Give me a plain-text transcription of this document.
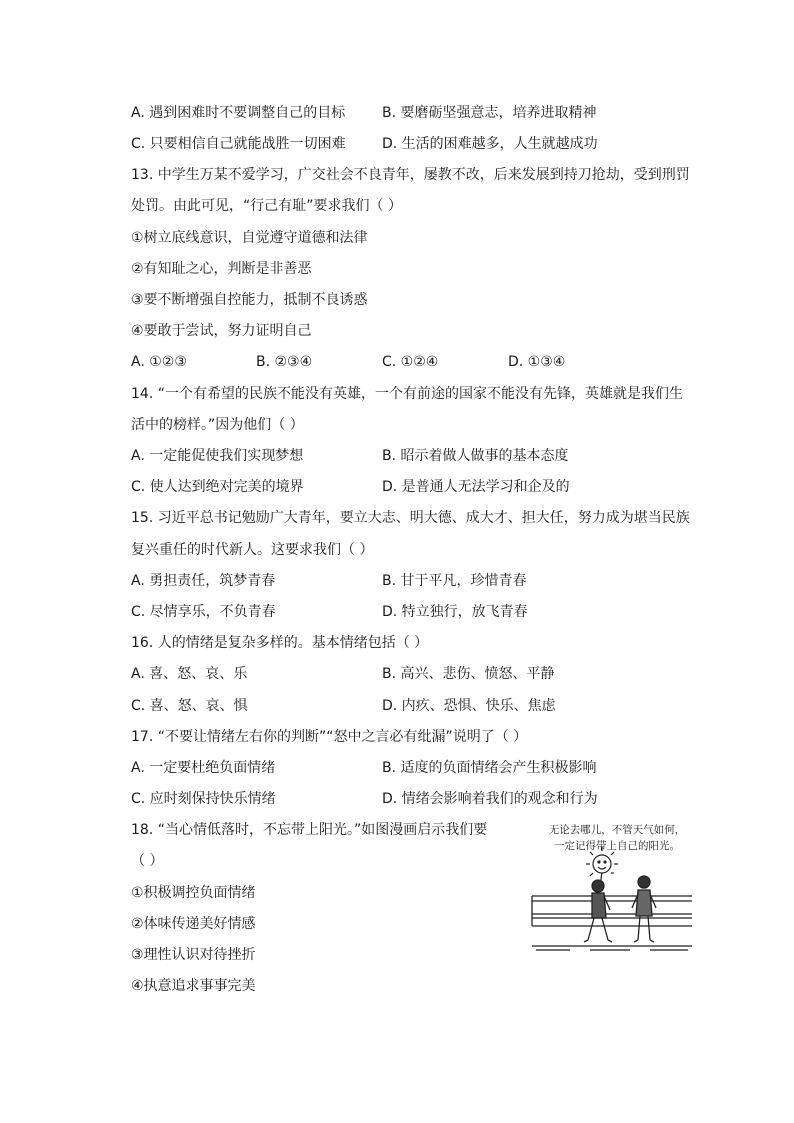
A. 遇到困难时不要调整自己的目标	B. 要磨砺坚强意志，培养进取精神
C. 只要相信自己就能战胜一切困难	D. 生活的困难越多，人生就越成功
13. 中学生万某不爱学习，广交社会不良青年，屡教不改，后来发展到持刀抢劫，受到刑罚
处罚。由此可见，“行己有耻”要求我们（ ）
①树立底线意识，自觉遵守道德和法律
②有知耻之心，判断是非善恶
③要不断增强自控能力，抵制不良诱惑
④要敢于尝试，努力证明自己
A. ①②③	B. ②③④	C. ①②④	D. ①③④
14. “一个有希望的民族不能没有英雄，一个有前途的国家不能没有先锋，英雄就是我们生
活中的榜样。”因为他们（ ）
A. 一定能促使我们实现梦想	B. 昭示着做人做事的基本态度
C. 使人达到绝对完美的境界	D. 是普通人无法学习和企及的
15. 习近平总书记勉励广大青年，要立大志、明大德、成大才、担大任，努力成为堪当民族
复兴重任的时代新人。这要求我们（ ）
A. 勇担责任，筑梦青春	B. 甘于平凡，珍惜青春
C. 尽情享乐，不负青春	D. 特立独行，放飞青春
16. 人的情绪是复杂多样的。基本情绪包括（ ）
A. 喜、怒、哀、乐	B. 高兴、悲伤、愤怒、平静
C. 喜、怒、哀、惧	D. 内疚、恐惧、快乐、焦虑
17. “不要让情绪左右你的判断”“怒中之言必有纰漏”说明了（ ）
A. 一定要杜绝负面情绪	B. 适度的负面情绪会产生积极影响
C. 应时刻保持快乐情绪	D. 情绪会影响着我们的观念和行为
18. “当心情低落时，不忘带上阳光。”如图漫画启示我们要
（ ）
①积极调控负面情绪
②体味传递美好情感
③理性认识对待挫折
④执意追求事事完美
无论去哪儿，不管天气如何，
一定记得带上自己的阳光。
